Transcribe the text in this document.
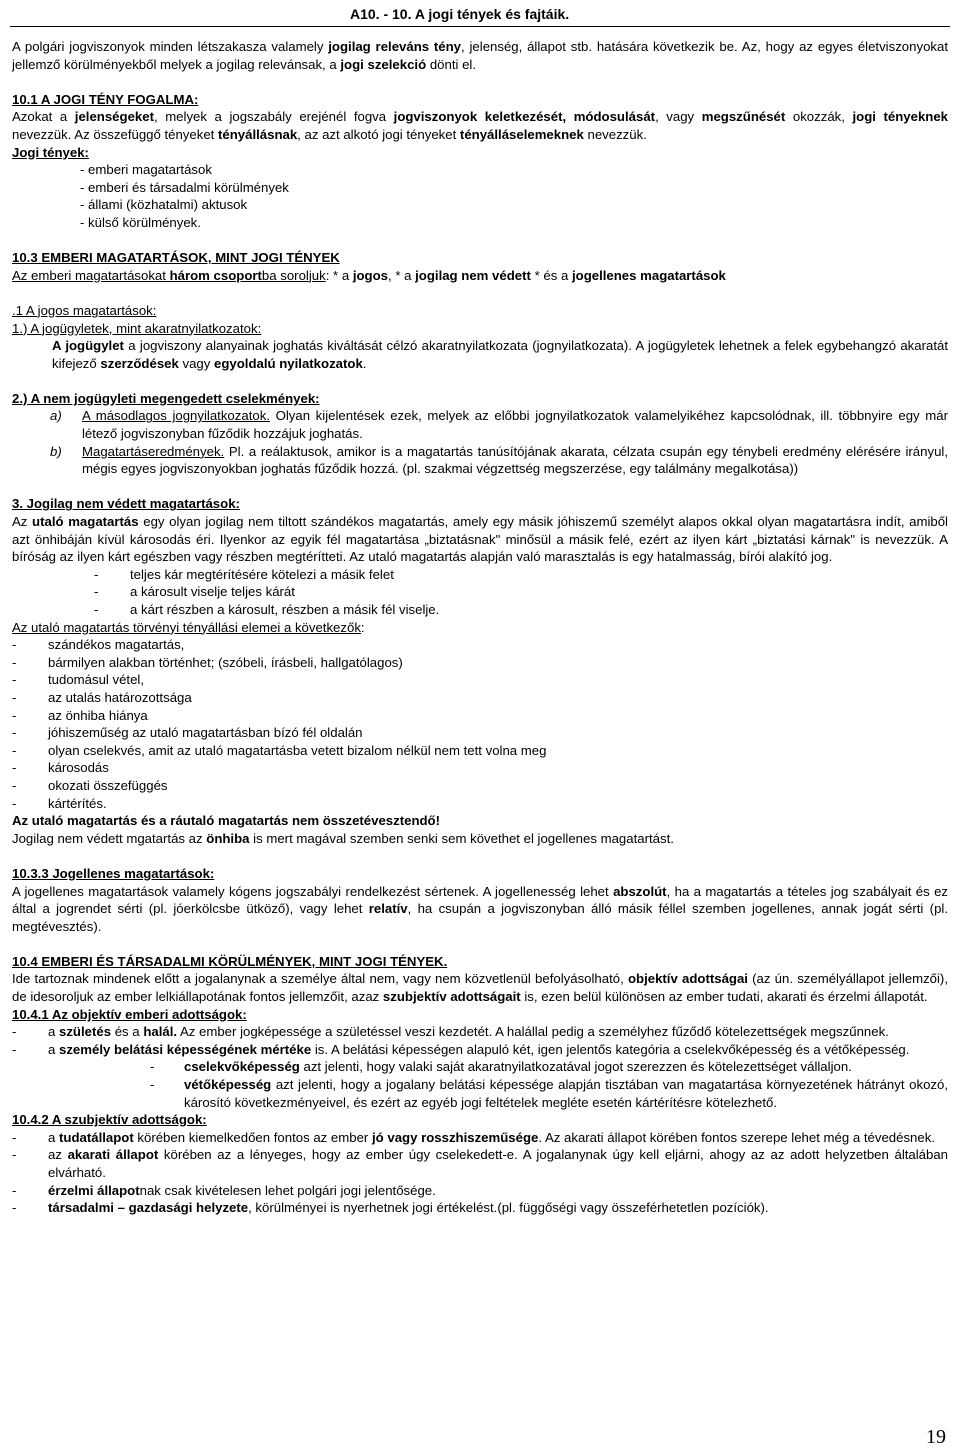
A10. - 10. A jogi tények és fajtáik.

A polgári jogviszonyok minden létszakasza valamely jogilag releváns tény, jelenség, állapot stb. hatására következik be. Az, hogy az egyes életviszonyokat jellemző körülményekből melyek a jogilag relevánsak, a jogi szelekció dönti el.

10.1 A JOGI TÉNY FOGALMA:

Azokat a jelenségeket, melyek a jogszabály erejénél fogva jogviszonyok keletkezését, módosulását, vagy megszűnését okozzák, jogi tényeknek nevezzük. Az összefüggő tényeket tényállásnak, az azt alkotó jogi tényeket tényálláselemeknek nevezzük.

Jogi tények:

- emberi magatartások

- emberi és társadalmi körülmények

- állami (közhatalmi) aktusok

- külső körülmények.

10.3 EMBERI MAGATARTÁSOK, MINT JOGI TÉNYEK

Az emberi magatartásokat három csoportba soroljuk: * a jogos, * a jogilag nem védett * és a jogellenes magatartások

.1 A jogos magatartások:

1.) A jogügyletek, mint akaratnyilatkozatok:

A jogügylet a jogviszony alanyainak joghatás kiváltását célzó akaratnyilatkozata (jognyilatkozata). A jogügyletek lehetnek a felek egybehangzó akaratát kifejező szerződések vagy egyoldalú nyilatkozatok.

2.) A nem jogügyleti megengedett cselekmények:

a) A másodlagos jognyilatkozatok. Olyan kijelentések ezek, melyek az előbbi jognyilatkozatok valamelyikéhez kapcsolódnak, ill. többnyire egy már létező jogviszonyban fűződik hozzájuk joghatás.

b) Magatartáseredmények. Pl. a reálaktusok, amikor is a magatartás tanúsítójának akarata, célzata csupán egy ténybeli eredmény elérésére irányul, mégis egyes jogviszonyokban joghatás fűződik hozzá. (pl. szakmai végzettség megszerzése, egy találmány megalkotása))

3. Jogilag nem védett magatartások:

Az utaló magatartás egy olyan jogilag nem tiltott szándékos magatartás, amely egy másik jóhiszemű személyt alapos okkal olyan magatartásra indít, amiből azt önhibáján kívül károsodás éri. Ilyenkor az egyik fél magatartása „biztatásnak" minősül a másik felé, ezért az ilyen kárt „biztatási kárnak" is nevezzük. A bíróság az ilyen kárt egészben vagy részben megtérítteti. Az utaló magatartás alapján való marasztalás is egy hatalmasság, bírói alakító jog.

- teljes kár megtérítésére kötelezi a másik felet

- a károsult viselje teljes kárát

- a kárt részben a károsult, részben a másik fél viselje.

Az utaló magatartás törvényi tényállási elemei a következők:

- szándékos magatartás,

- bármilyen alakban történhet; (szóbeli, írásbeli, hallgatólagos)

- tudomásul vétel,

- az utalás határozottsága

- az önhiba hiánya

- jóhiszeműség az utaló magatartásban bízó fél oldalán

- olyan cselekvés, amit az utaló magatartásba vetett bizalom nélkül nem tett volna meg

- károsodás

- okozati összefüggés

- kártérítés.

Az utaló magatartás és a ráutaló magatartás nem összetévesztendő!

Jogilag nem védett mgatartás az önhiba is mert magával szemben senki sem követhet el jogellenes magatartást.

10.3.3 Jogellenes magatartások:

A jogellenes magatartások valamely kógens jogszabályi rendelkezést sértenek. A jogellenesség lehet abszolút, ha a magatartás a tételes jog szabályait és ez által a jogrendet sérti (pl. jóerkölcsbe ütköző), vagy lehet relatív, ha csupán a jogviszonyban álló másik féllel szemben jogellenes, annak jogát sérti (pl. megtévesztés).

10.4 EMBERI ÉS TÁRSADALMI KÖRÜLMÉNYEK, MINT JOGI TÉNYEK.

Ide tartoznak mindenek előtt a jogalanynak a személye által nem, vagy nem közvetlenül befolyásolható, objektív adottságai (az ún. személyállapot jellemzői), de idesoroljuk az ember lelkiállapotának fontos jellemzőit, azaz szubjektív adottságait is, ezen belül különösen az ember tudati, akarati és érzelmi állapotát.

10.4.1 Az objektív emberi adottságok:

- a születés és a halál. Az ember jogképessége a születéssel veszi kezdetét. A halállal pedig a személyhez fűződő kötelezettségek megszűnnek.

- a személy belátási képességének mértéke is. A belátási képességen alapuló két, igen jelentős kategória a cselekvőképesség és a vétőképesség.

- cselekvőképesség azt jelenti, hogy valaki saját akaratnyilatkozatával jogot szerezzen és kötelezettséget vállaljon.

- vétőképesség azt jelenti, hogy a jogalany belátási képessége alapján tisztában van magatartása környezetének hátrányt okozó, károsító következményeivel, és ezért az egyéb jogi feltételek megléte esetén kártérítésre kötelezhető.

10.4.2 A szubjektív adottságok:

- a tudatállapot körében kiemelkedően fontos az ember jó vagy rosszhiszeműsége. Az akarati állapot körében fontos szerepe lehet még a tévedésnek.

- az akarati állapot körében az a lényeges, hogy az ember úgy cselekedett-e. A jogalanynak úgy kell eljárni, ahogy az az adott helyzetben általában elvárható.

- érzelmi állapotnak csak kivételesen lehet polgári jogi jelentősége.

- társadalmi – gazdasági helyzete, körülményei is nyerhetnek jogi értékelést.(pl. függőségi vagy összeférhetetlen pozíciók).

19
